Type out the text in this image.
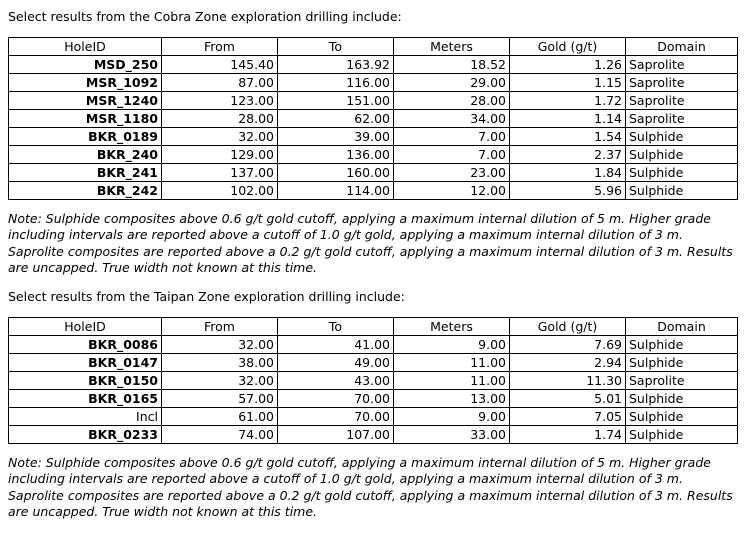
Select results from the Cobra Zone exploration drilling include:

HoleID	From	To	Meters	Gold (g/t)	Domain
MSD_250	145.40	163.92	18.52	1.26	Saprolite
MSR_1092	87.00	116.00	29.00	1.15	Saprolite
MSR_1240	123.00	151.00	28.00	1.72	Saprolite
MSR_1180	28.00	62.00	34.00	1.14	Saprolite
BKR_0189	32.00	39.00	7.00	1.54	Sulphide
BKR_240	129.00	136.00	7.00	2.37	Sulphide
BKR_241	137.00	160.00	23.00	1.84	Sulphide
BKR_242	102.00	114.00	12.00	5.96	Sulphide

Note: Sulphide composites above 0.6 g/t gold cutoff, applying a maximum internal dilution of 5 m. Higher grade including intervals are reported above a cutoff of 1.0 g/t gold, applying a maximum internal dilution of 3 m. Saprolite composites are reported above a 0.2 g/t gold cutoff, applying a maximum internal dilution of 3 m. Results are uncapped. True width not known at this time.

Select results from the Taipan Zone exploration drilling include:

HoleID	From	To	Meters	Gold (g/t)	Domain
BKR_0086	32.00	41.00	9.00	7.69	Sulphide
BKR_0147	38.00	49.00	11.00	2.94	Sulphide
BKR_0150	32.00	43.00	11.00	11.30	Saprolite
BKR_0165	57.00	70.00	13.00	5.01	Sulphide
Incl	61.00	70.00	9.00	7.05	Sulphide
BKR_0233	74.00	107.00	33.00	1.74	Sulphide

Note: Sulphide composites above 0.6 g/t gold cutoff, applying a maximum internal dilution of 5 m. Higher grade including intervals are reported above a cutoff of 1.0 g/t gold, applying a maximum internal dilution of 3 m. Saprolite composites are reported above a 0.2 g/t gold cutoff, applying a maximum internal dilution of 3 m. Results are uncapped. True width not known at this time.
